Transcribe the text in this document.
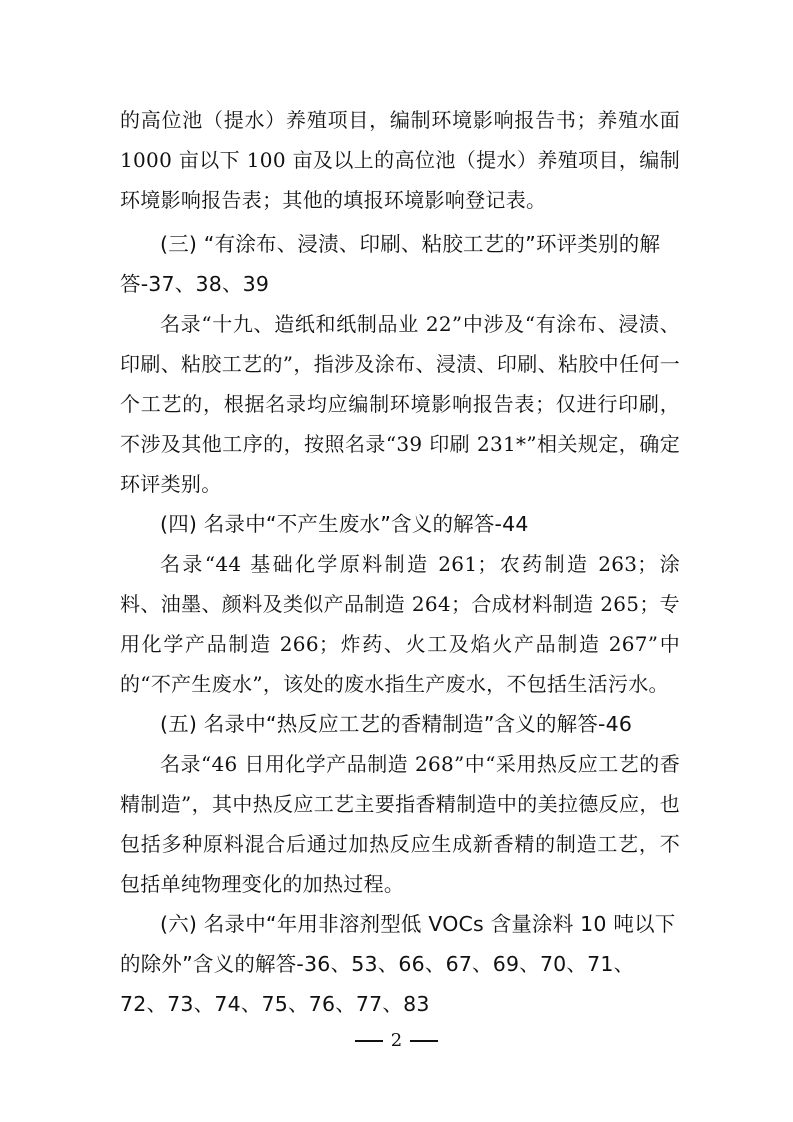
的高位池（提水）养殖项目，编制环境影响报告书；养殖水面 1000 亩以下 100 亩及以上的高位池（提水）养殖项目，编制环境影响报告表；其他的填报环境影响登记表。

(三) “有涂布、浸渍、印刷、粘胶工艺的”环评类别的解答-37、38、39

名录“十九、造纸和纸制品业 22”中涉及“有涂布、浸渍、印刷、粘胶工艺的”，指涉及涂布、浸渍、印刷、粘胶中任何一个工艺的，根据名录均应编制环境影响报告表；仅进行印刷，不涉及其他工序的，按照名录“39 印刷 231*”相关规定，确定环评类别。

(四) 名录中“不产生废水”含义的解答-44

名录“44 基础化学原料制造 261；农药制造 263；涂料、油墨、颜料及类似产品制造 264；合成材料制造 265；专用化学产品制造 266；炸药、火工及焰火产品制造 267”中的“不产生废水”，该处的废水指生产废水，不包括生活污水。

(五) 名录中“热反应工艺的香精制造”含义的解答-46

名录“46 日用化学产品制造 268”中“采用热反应工艺的香精制造”，其中热反应工艺主要指香精制造中的美拉德反应，也包括多种原料混合后通过加热反应生成新香精的制造工艺，不包括单纯物理变化的加热过程。

(六) 名录中“年用非溶剂型低 VOCs 含量涂料 10 吨以下的除外”含义的解答-36、53、66、67、69、70、71、72、73、74、75、76、77、83

2
